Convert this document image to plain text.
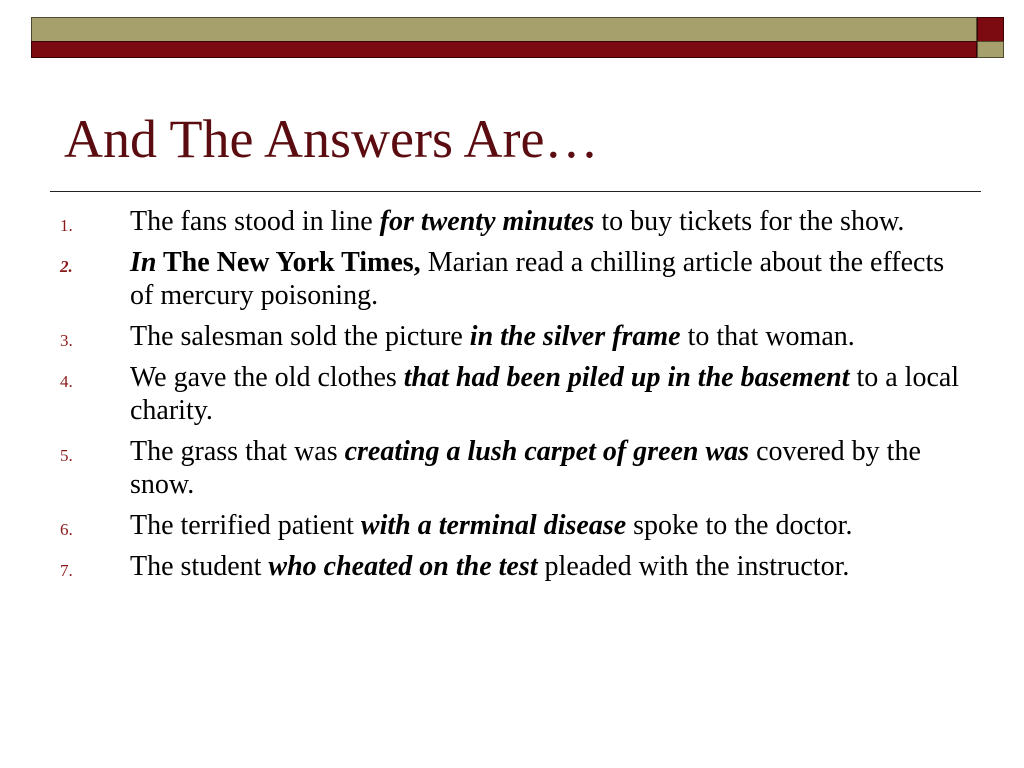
And The Answers Are…
1.	The fans stood in line for twenty minutes to buy tickets for the show.
2.	In The New York Times, Marian read a chilling article about the effects of mercury poisoning.
3.	The salesman sold the picture in the silver frame to that woman.
4.	We gave the old clothes that had been piled up in the basement to a local charity.
5.	The grass that was creating a lush carpet of green was covered by the snow.
6.	The terrified patient with a terminal disease spoke to the doctor.
7.	The student who cheated on the test pleaded with the instructor.
